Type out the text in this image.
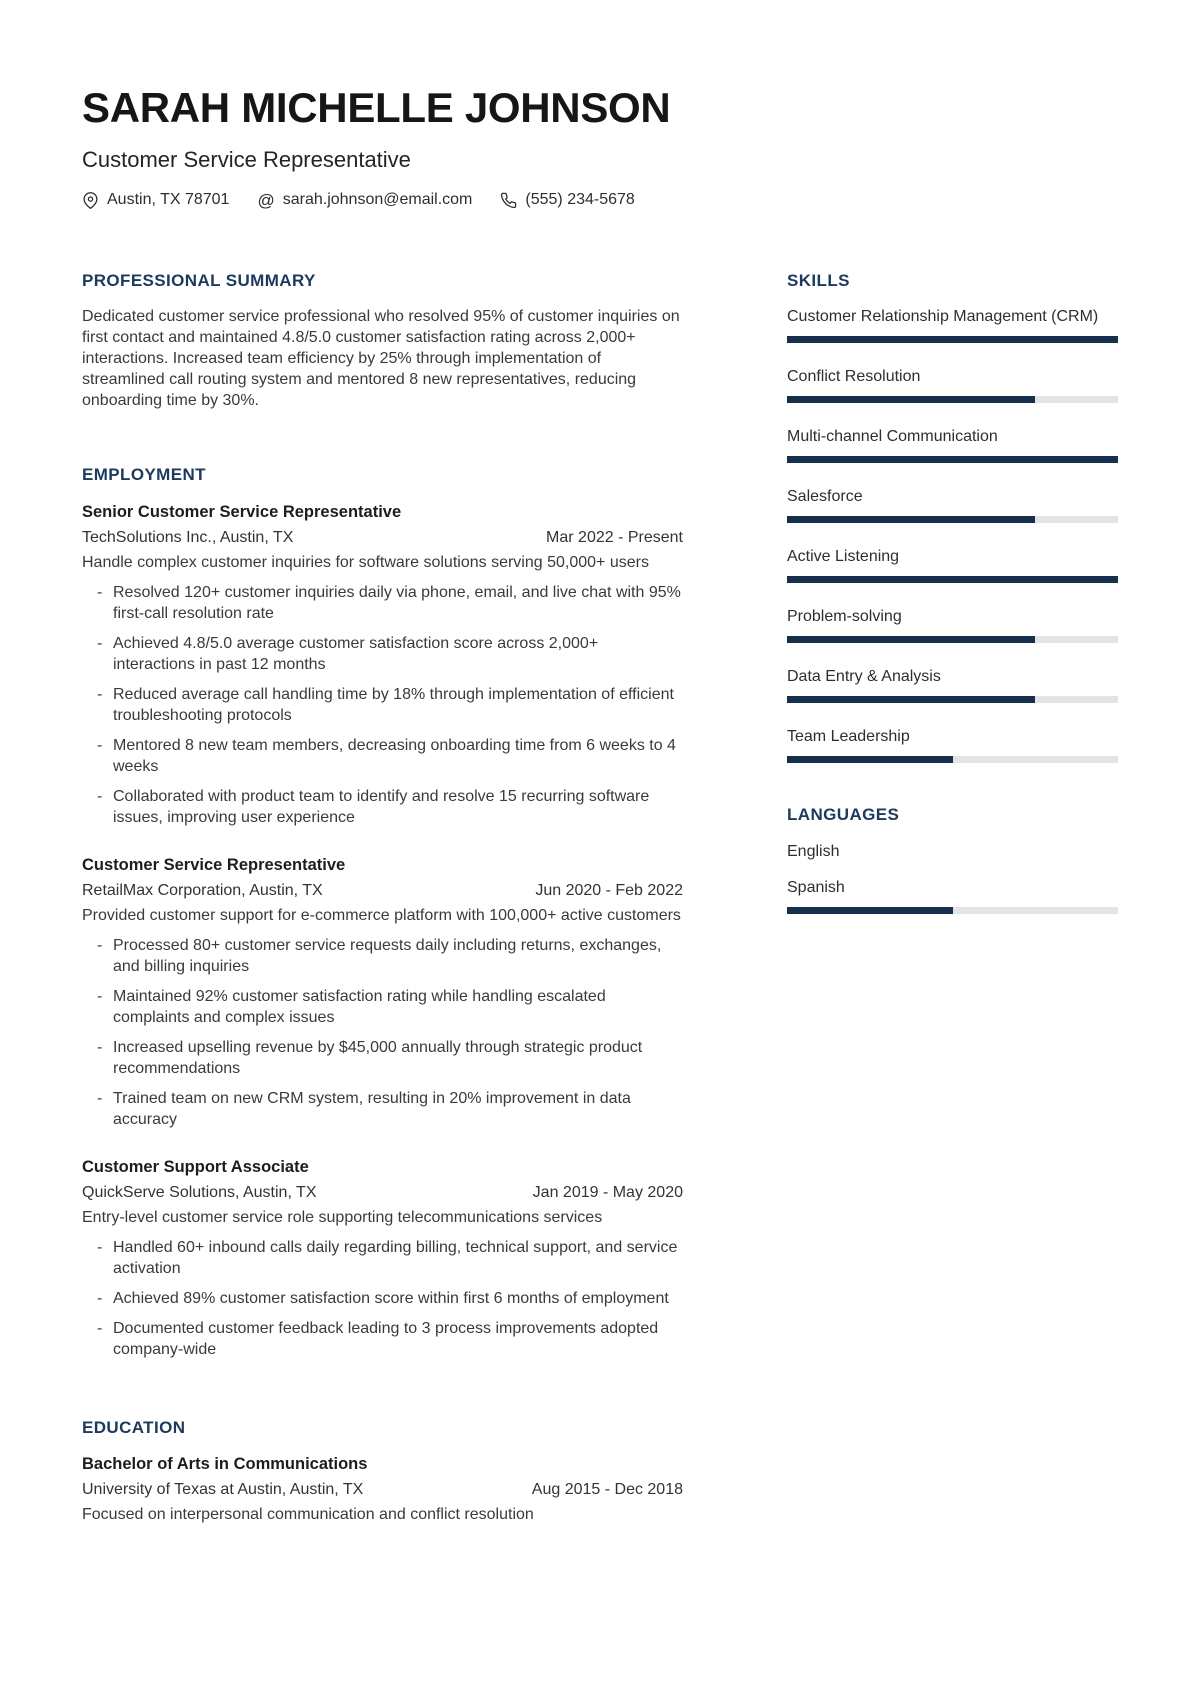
SARAH MICHELLE JOHNSON
Customer Service Representative
Austin, TX 78701 @ sarah.johnson@email.com	(555) 234-5678
PROFESSIONAL SUMMARY
Dedicated customer service professional who resolved 95% of customer inquiries on first contact and maintained 4.8/5.0 customer satisfaction rating across 2,000+ interactions. Increased team efficiency by 25% through implementation of streamlined call routing system and mentored 8 new representatives, reducing onboarding time by 30%.
EMPLOYMENT
Senior Customer Service Representative
TechSolutions Inc., Austin, TX	Mar 2022 - Present
Handle complex customer inquiries for software solutions serving 50,000+ users
- Resolved 120+ customer inquiries daily via phone, email, and live chat with 95% first-call resolution rate
- Achieved 4.8/5.0 average customer satisfaction score across 2,000+ interactions in past 12 months
- Reduced average call handling time by 18% through implementation of efficient troubleshooting protocols
- Mentored 8 new team members, decreasing onboarding time from 6 weeks to 4 weeks
- Collaborated with product team to identify and resolve 15 recurring software issues, improving user experience
Customer Service Representative
RetailMax Corporation, Austin, TX	Jun 2020 - Feb 2022
Provided customer support for e-commerce platform with 100,000+ active customers
- Processed 80+ customer service requests daily including returns, exchanges, and billing inquiries
- Maintained 92% customer satisfaction rating while handling escalated complaints and complex issues
- Increased upselling revenue by $45,000 annually through strategic product recommendations
- Trained team on new CRM system, resulting in 20% improvement in data accuracy
Customer Support Associate
QuickServe Solutions, Austin, TX	Jan 2019 - May 2020
Entry-level customer service role supporting telecommunications services
- Handled 60+ inbound calls daily regarding billing, technical support, and service activation
- Achieved 89% customer satisfaction score within first 6 months of employment
- Documented customer feedback leading to 3 process improvements adopted company-wide
EDUCATION
Bachelor of Arts in Communications
University of Texas at Austin, Austin, TX	Aug 2015 - Dec 2018
Focused on interpersonal communication and conflict resolution
SKILLS
Customer Relationship Management (CRM)
Conflict Resolution
Multi-channel Communication
Salesforce
Active Listening
Problem-solving
Data Entry & Analysis
Team Leadership
LANGUAGES
English
Spanish
